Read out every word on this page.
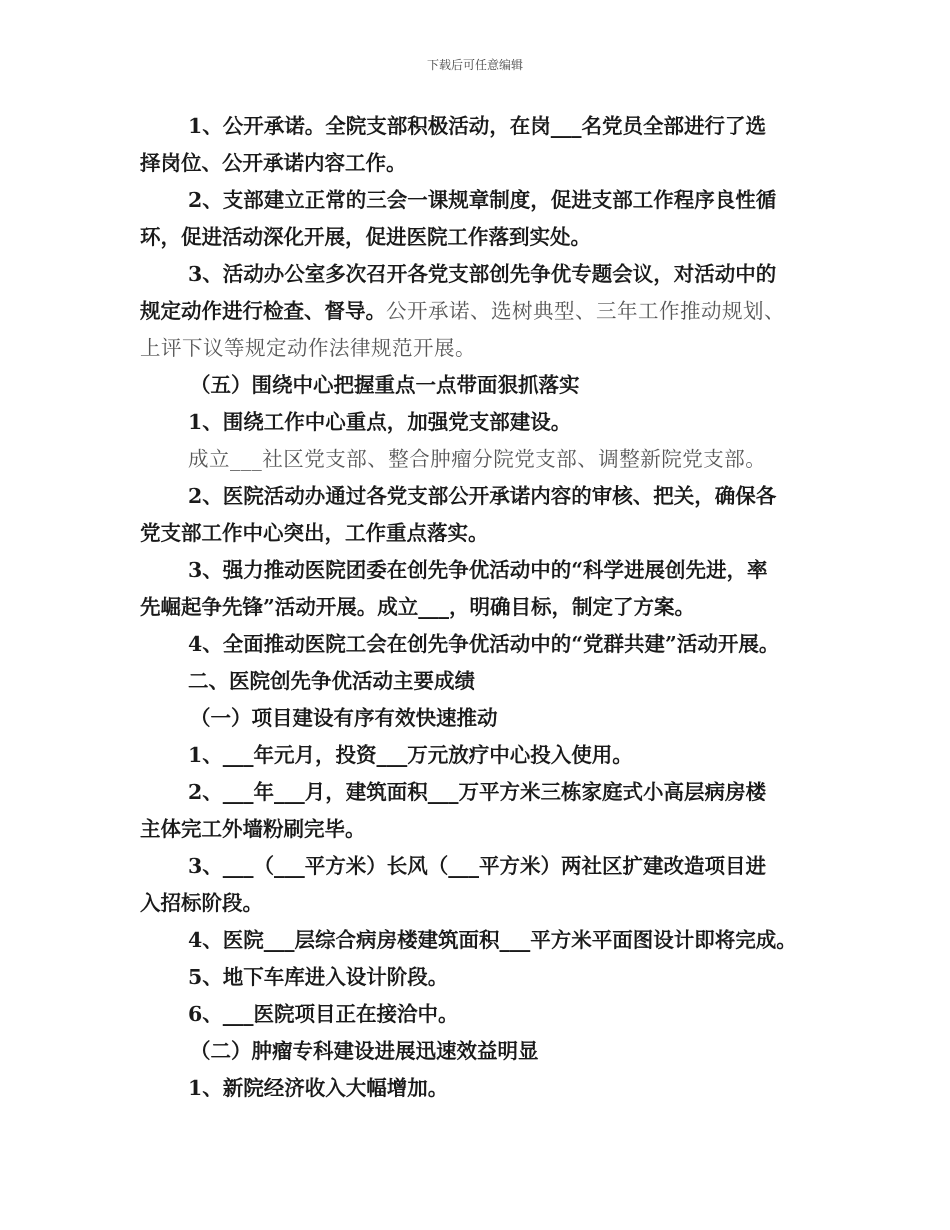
下载后可任意编辑
1、公开承诺。全院支部积极活动，在岗___名党员全部进行了选
择岗位、公开承诺内容工作。
2、支部建立正常的三会一课规章制度，促进支部工作程序良性循
环，促进活动深化开展，促进医院工作落到实处。
3、活动办公室多次召开各党支部创先争优专题会议，对活动中的
规定动作进行检查、督导。公开承诺、选树典型、三年工作推动规划、
上评下议等规定动作法律规范开展。
（五）围绕中心把握重点一点带面狠抓落实
1、围绕工作中心重点，加强党支部建设。
成立___社区党支部、整合肿瘤分院党支部、调整新院党支部。
2、医院活动办通过各党支部公开承诺内容的审核、把关，确保各
党支部工作中心突出，工作重点落实。
3、强力推动医院团委在创先争优活动中的“科学进展创先进，率
先崛起争先锋”活动开展。成立___，明确目标，制定了方案。
4、全面推动医院工会在创先争优活动中的“党群共建”活动开展。
二、医院创先争优活动主要成绩
（一）项目建设有序有效快速推动
1、___年元月，投资___万元放疗中心投入使用。
2、___年___月，建筑面积___万平方米三栋家庭式小高层病房楼
主体完工外墙粉刷完毕。
3、___（___平方米）长风（___平方米）两社区扩建改造项目进
入招标阶段。
4、医院___层综合病房楼建筑面积___平方米平面图设计即将完成。
5、地下车库进入设计阶段。
6、___医院项目正在接洽中。
（二）肿瘤专科建设进展迅速效益明显
1、新院经济收入大幅增加。
